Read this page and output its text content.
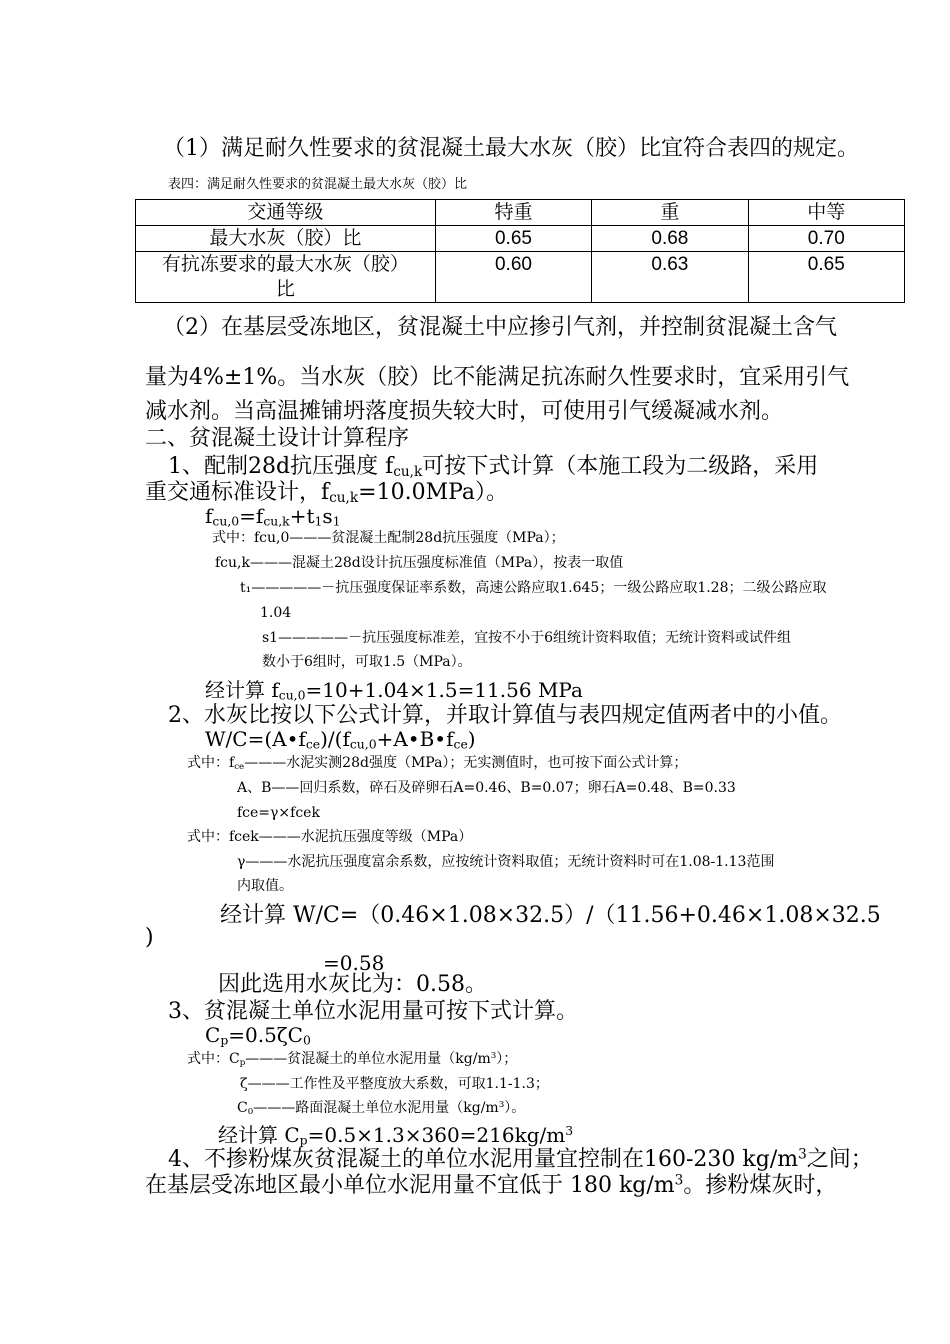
（1）满足耐久性要求的贫混凝土最大水灰（胶）比宜符合表四的规定。
表四：满足耐久性要求的贫混凝土最大水灰（胶）比
交通等级	特重	重	中等
最大水灰（胶）比	0.65	0.68	0.70
有抗冻要求的最大水灰（胶）
比	0.60	0.63	0.65
（2）在基层受冻地区，贫混凝土中应掺引气剂，并控制贫混凝土含气
量为4%±1%。当水灰（胶）比不能满足抗冻耐久性要求时，宜采用引气
减水剂。当高温摊铺坍落度损失较大时，可使用引气缓凝减水剂。
二、贫混凝土设计计算程序
1、配制28d抗压强度 $f_{cu,k}$可按下式计算（本施工段为二级路，采用
重交通标准设计，$f_{cu,k}=10.0MPa$）。
$f_{cu,0}=f_{cu,k}+t_1s_1$
式中：fcu,0———贫混凝土配制28d抗压强度（MPa）；
fcu,k———混凝土28d设计抗压强度标准值（MPa），按表一取值
t₁—————－抗压强度保证率系数，高速公路应取1.645；一级公路应取1.28；二级公路应取
1.04
s1—————－抗压强度标准差，宜按不小于6组统计资料取值；无统计资料或试件组
数小于6组时，可取1.5（MPa）。
经计算 $f_{cu,0}=10+1.04\times 1.5=11.56$ MPa
2、水灰比按以下公式计算，并取计算值与表四规定值两者中的小值。
$W/C=(A•f_{ce})/(f_{cu,0}+A•B•f_{ce})$
式中：$f_{ce}———$水泥实测28d强度（MPa）；无实测值时，也可按下面公式计算；
A、B——回归系数，碎石及碎卵石A=0.46、B=0.07；卵石A=0.48、B=0.33
fce=γ×fcek
式中：fcek———水泥抗压强度等级（MPa）
γ———水泥抗压强度富余系数，应按统计资料取值；无统计资料时可在1.08-1.13范围
内取值。
经计算 W/C=（0.46×1.08×32.5）/（11.56+0.46×1.08×32.5
)
=0.58
因此选用水灰比为：0.58。
3、贫混凝土单位水泥用量可按下式计算。
$C_p=0.5\zeta C_0$
式中：$C_p———$贫混凝土的单位水泥用量$(kg/m^3)$；
ζ———工作性及平整度放大系数，可取1.1-1.3；
$C_0———$路面混凝土单位水泥用量$(kg/m^3)$。
经计算 $C_p=0.5\times 1.3\times 360=216kg/m^3$
4、不掺粉煤灰贫混凝土的单位水泥用量宜控制在160-230 $kg/m^3$之间；
在基层受冻地区最小单位水泥用量不宜低于 180 $kg/m^3$。掺粉煤灰时，
